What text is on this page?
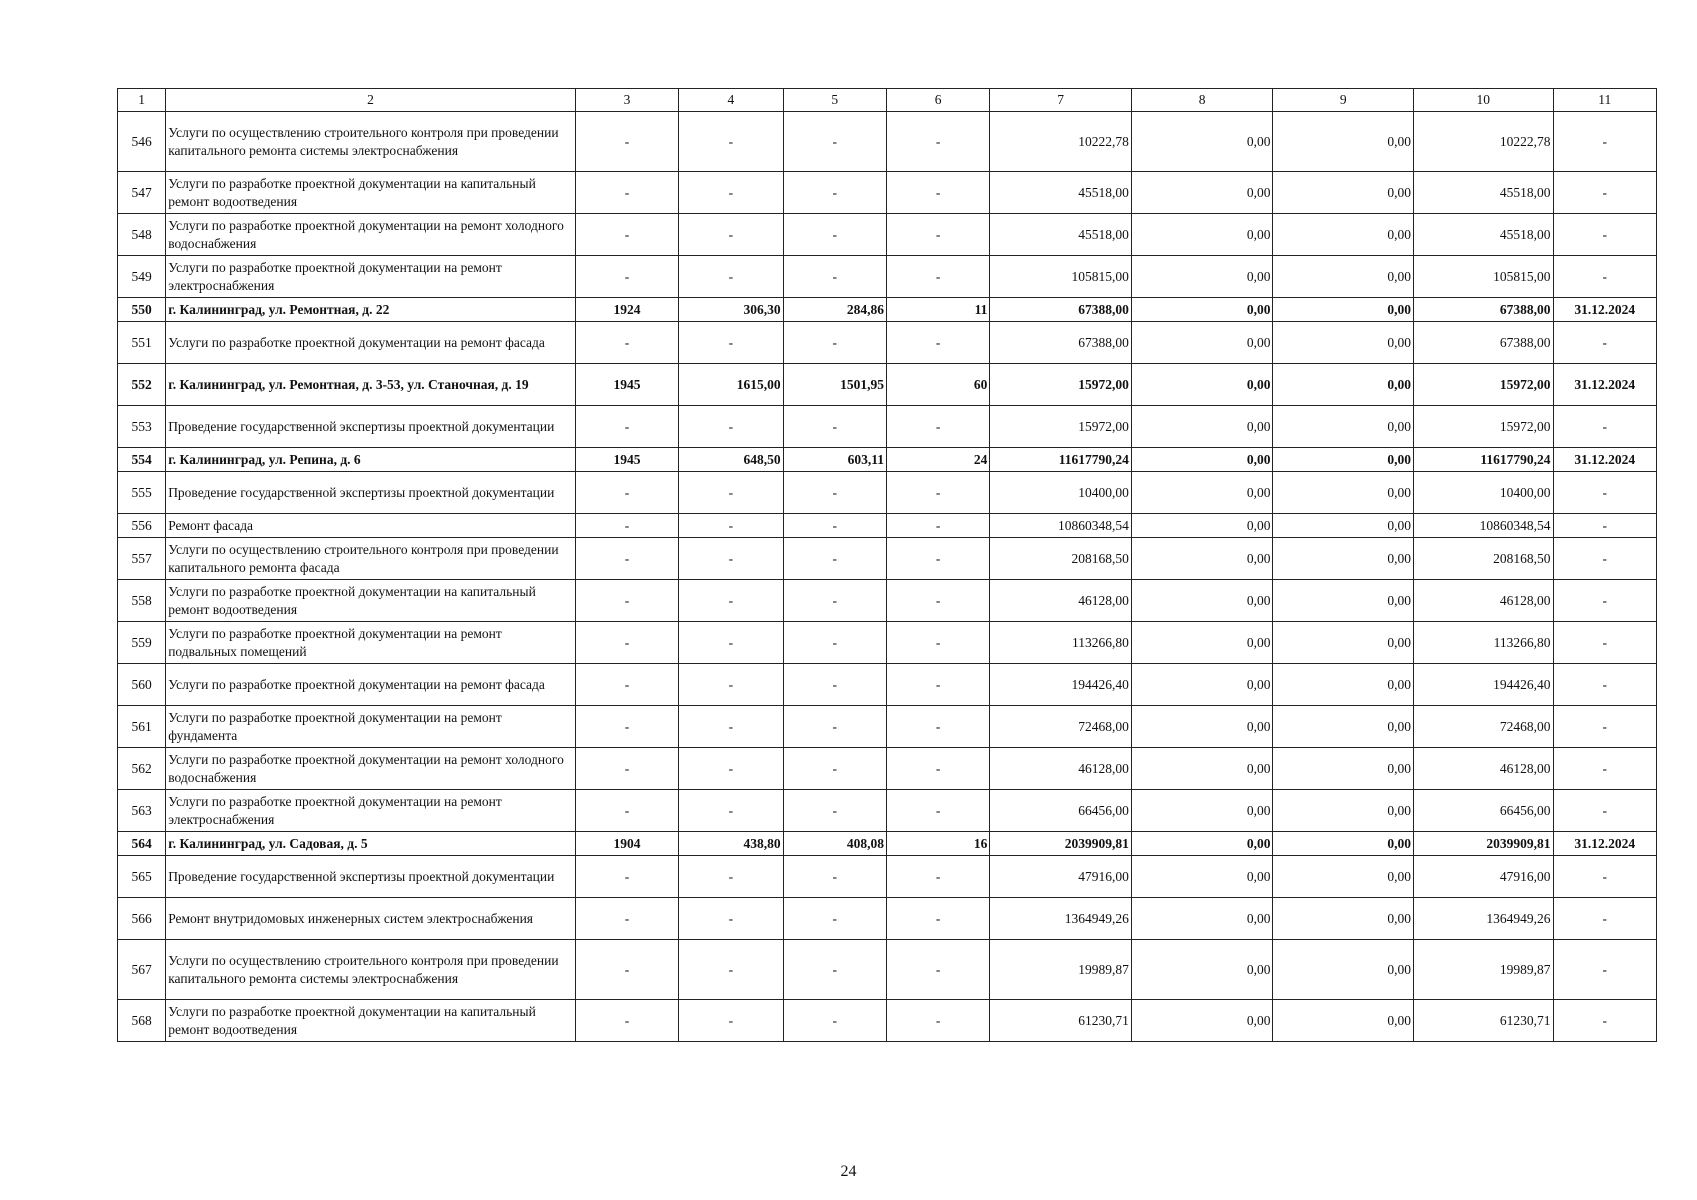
1	2	3	4	5	6	7	8	9	10	11
546	Услуги по осуществлению строительного контроля при проведении капитального ремонта системы электроснабжения	-	-	-	-	10222,78	0,00	0,00	10222,78	-
547	Услуги по разработке проектной документации на капитальный ремонт водоотведения	-	-	-	-	45518,00	0,00	0,00	45518,00	-
548	Услуги по разработке проектной документации на ремонт холодного водоснабжения	-	-	-	-	45518,00	0,00	0,00	45518,00	-
549	Услуги по разработке проектной документации на ремонт электроснабжения	-	-	-	-	105815,00	0,00	0,00	105815,00	-
550	г. Калининград, ул. Ремонтная, д. 22	1924	306,30	284,86	11	67388,00	0,00	0,00	67388,00	31.12.2024
551	Услуги по разработке проектной документации на ремонт фасада	-	-	-	-	67388,00	0,00	0,00	67388,00	-
552	г. Калининград, ул. Ремонтная, д. 3-53, ул. Станочная, д. 19	1945	1615,00	1501,95	60	15972,00	0,00	0,00	15972,00	31.12.2024
553	Проведение государственной экспертизы проектной документации	-	-	-	-	15972,00	0,00	0,00	15972,00	-
554	г. Калининград, ул. Репина, д. 6	1945	648,50	603,11	24	11617790,24	0,00	0,00	11617790,24	31.12.2024
555	Проведение государственной экспертизы проектной документации	-	-	-	-	10400,00	0,00	0,00	10400,00	-
556	Ремонт фасада	-	-	-	-	10860348,54	0,00	0,00	10860348,54	-
557	Услуги по осуществлению строительного контроля при проведении капитального ремонта фасада	-	-	-	-	208168,50	0,00	0,00	208168,50	-
558	Услуги по разработке проектной документации на капитальный ремонт водоотведения	-	-	-	-	46128,00	0,00	0,00	46128,00	-
559	Услуги по разработке проектной документации на ремонт подвальных помещений	-	-	-	-	113266,80	0,00	0,00	113266,80	-
560	Услуги по разработке проектной документации на ремонт фасада	-	-	-	-	194426,40	0,00	0,00	194426,40	-
561	Услуги по разработке проектной документации на ремонт фундамента	-	-	-	-	72468,00	0,00	0,00	72468,00	-
562	Услуги по разработке проектной документации на ремонт холодного водоснабжения	-	-	-	-	46128,00	0,00	0,00	46128,00	-
563	Услуги по разработке проектной документации на ремонт электроснабжения	-	-	-	-	66456,00	0,00	0,00	66456,00	-
564	г. Калининград, ул. Садовая, д. 5	1904	438,80	408,08	16	2039909,81	0,00	0,00	2039909,81	31.12.2024
565	Проведение государственной экспертизы проектной документации	-	-	-	-	47916,00	0,00	0,00	47916,00	-
566	Ремонт внутридомовых инженерных систем электроснабжения	-	-	-	-	1364949,26	0,00	0,00	1364949,26	-
567	Услуги по осуществлению строительного контроля при проведении капитального ремонта системы электроснабжения	-	-	-	-	19989,87	0,00	0,00	19989,87	-
568	Услуги по разработке проектной документации на капитальный ремонт водоотведения	-	-	-	-	61230,71	0,00	0,00	61230,71	-
24
